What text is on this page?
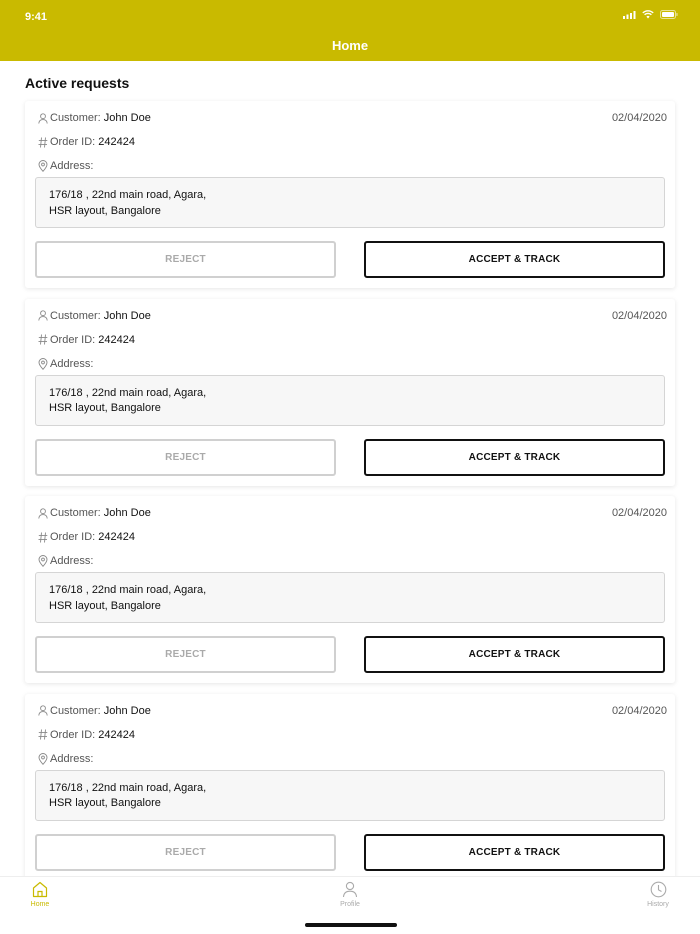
9:41
Home
Active requests
Customer: John Doe	02/04/2020
Order ID: 242424
Address:
176/18 , 22nd main road, Agara,
HSR layout, Bangalore
REJECT	ACCEPT & TRACK
Customer: John Doe	02/04/2020
Order ID: 242424
Address:
176/18 , 22nd main road, Agara,
HSR layout, Bangalore
REJECT	ACCEPT & TRACK
Customer: John Doe	02/04/2020
Order ID: 242424
Address:
176/18 , 22nd main road, Agara,
HSR layout, Bangalore
REJECT	ACCEPT & TRACK
Customer: John Doe	02/04/2020
Order ID: 242424
Address:
176/18 , 22nd main road, Agara,
HSR layout, Bangalore
REJECT	ACCEPT & TRACK
Home	Profile	History
